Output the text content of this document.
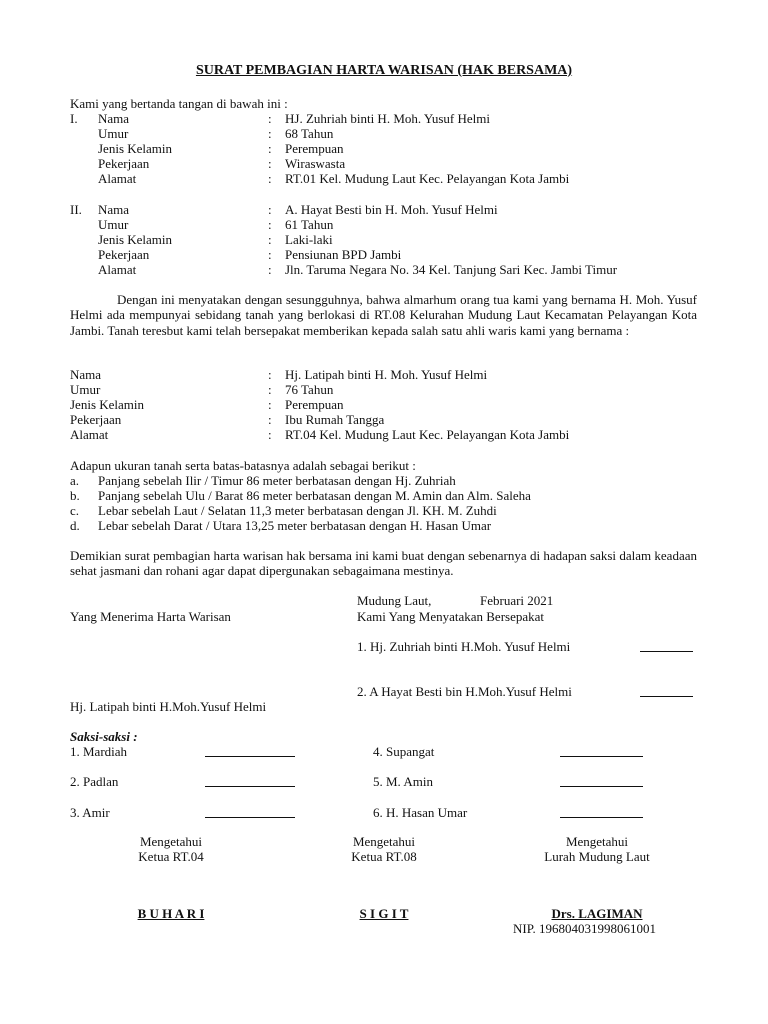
SURAT PEMBAGIAN HARTA WARISAN (HAK BERSAMA)
Kami yang bertanda tangan di bawah ini :
I. Nama	: HJ. Zuhriah binti H. Moh. Yusuf Helmi
Umur	: 68 Tahun
Jenis Kelamin	: Perempuan
Pekerjaan	: Wiraswasta
Alamat	: RT.01 Kel. Mudung Laut Kec. Pelayangan Kota Jambi
II. Nama	: A. Hayat Besti bin H. Moh. Yusuf Helmi
Umur	: 61 Tahun
Jenis Kelamin	: Laki-laki
Pekerjaan	: Pensiunan BPD Jambi
Alamat	: Jln. Taruma Negara No. 34 Kel. Tanjung Sari Kec. Jambi Timur
Dengan ini menyatakan dengan sesungguhnya, bahwa almarhum orang tua kami yang bernama H. Moh. Yusuf Helmi ada mempunyai sebidang tanah yang berlokasi di RT.08 Kelurahan Mudung Laut Kecamatan Pelayangan Kota Jambi. Tanah teresbut kami telah bersepakat memberikan kepada salah satu ahli waris kami yang bernama :
Nama	: Hj. Latipah binti H. Moh. Yusuf Helmi
Umur	: 76 Tahun
Jenis Kelamin	: Perempuan
Pekerjaan	: Ibu Rumah Tangga
Alamat	: RT.04 Kel. Mudung Laut Kec. Pelayangan Kota Jambi
Adapun ukuran tanah serta batas-batasnya adalah sebagai berikut :
a. Panjang sebelah Ilir / Timur 86 meter berbatasan dengan Hj. Zuhriah
b. Panjang sebelah Ulu / Barat 86 meter berbatasan dengan M. Amin dan Alm. Saleha
c. Lebar sebelah Laut / Selatan 11,3 meter berbatasan dengan Jl. KH. M. Zuhdi
d. Lebar sebelah Darat / Utara 13,25 meter berbatasan dengan H. Hasan Umar
Demikian surat pembagian harta warisan hak bersama ini kami buat dengan sebenarnya di hadapan saksi dalam keadaan sehat jasmani dan rohani agar dapat dipergunakan sebagaimana mestinya.
Mudung Laut,	Februari 2021
Yang Menerima Harta Warisan	Kami Yang Menyatakan Bersepakat
1. Hj. Zuhriah binti H.Moh. Yusuf Helmi
2. A Hayat Besti bin H.Moh.Yusuf Helmi
Hj. Latipah binti H.Moh.Yusuf Helmi
Saksi-saksi :
1. Mardiah	4. Supangat
2. Padlan	5. M. Amin
3. Amir	6. H. Hasan Umar
Mengetahui
Ketua RT.04
B U H A R I
Mengetahui
Ketua RT.08
S I G I T
Mengetahui
Lurah Mudung Laut
Drs. LAGIMAN
NIP. 196804031998061001
